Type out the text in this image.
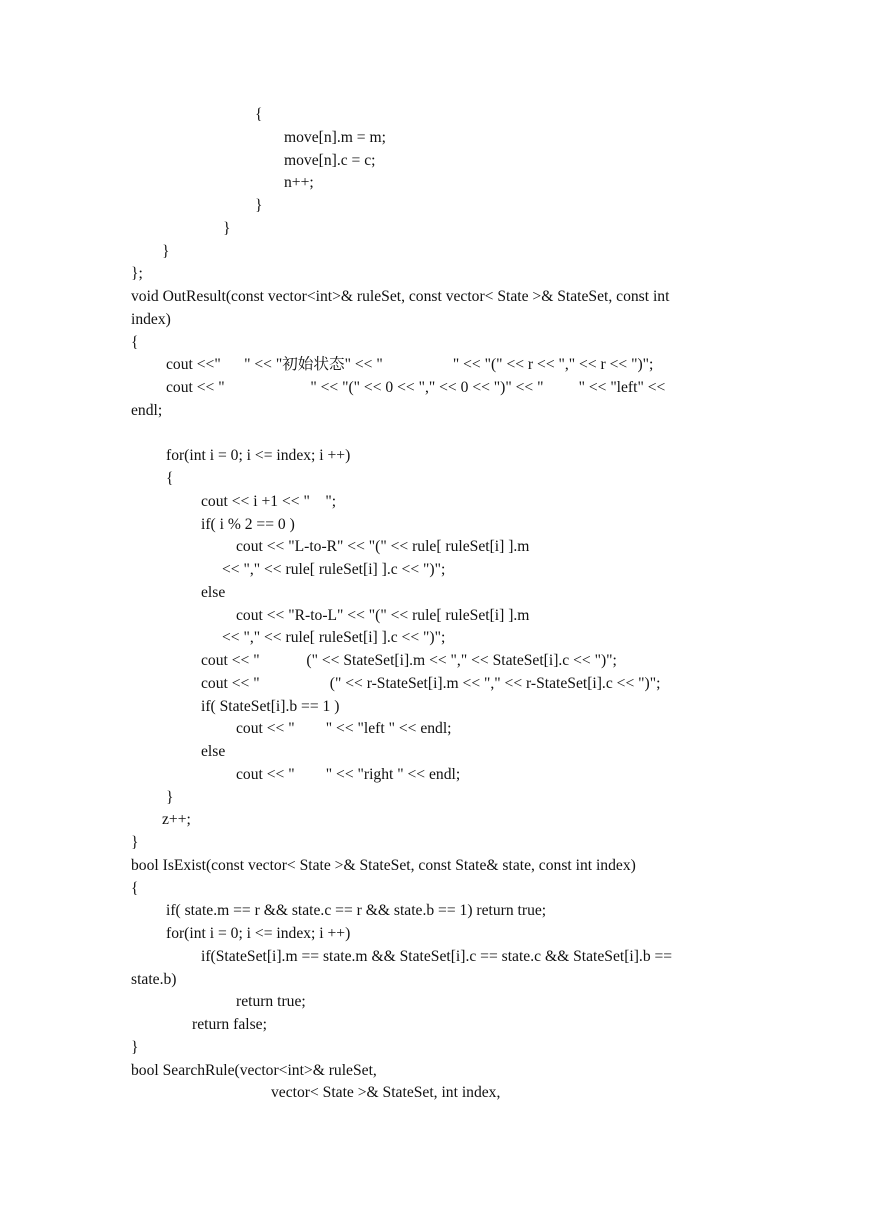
{
move[n].m = m;
move[n].c = c;
n++;
}
}
}
};
void OutResult(const vector<int>& ruleSet, const vector< State >& StateSet, const int
index)
{
cout <<"      " << "初始状态" << "                  " << "(" << r << "," << r << ")";
cout << "                      " << "(" << 0 << "," << 0 << ")" << "         " << "left" <<
endl;
for(int i = 0; i <= index; i ++)
{
cout << i +1 << "    ";
if( i % 2 == 0 )
cout << "L-to-R" << "(" << rule[ ruleSet[i] ].m
<< "," << rule[ ruleSet[i] ].c << ")";
else
cout << "R-to-L" << "(" << rule[ ruleSet[i] ].m
<< "," << rule[ ruleSet[i] ].c << ")";
cout << "            (" << StateSet[i].m << "," << StateSet[i].c << ")";
cout << "                  (" << r-StateSet[i].m << "," << r-StateSet[i].c << ")";
if( StateSet[i].b == 1 )
cout << "        " << "left " << endl;
else
cout << "        " << "right " << endl;
}
z++;
}
bool IsExist(const vector< State >& StateSet, const State& state, const int index)
{
if( state.m == r && state.c == r && state.b == 1) return true;
for(int i = 0; i <= index; i ++)
if(StateSet[i].m == state.m && StateSet[i].c == state.c && StateSet[i].b ==
state.b)
return true;
return false;
}
bool SearchRule(vector<int>& ruleSet,
vector< State >& StateSet, int index,
